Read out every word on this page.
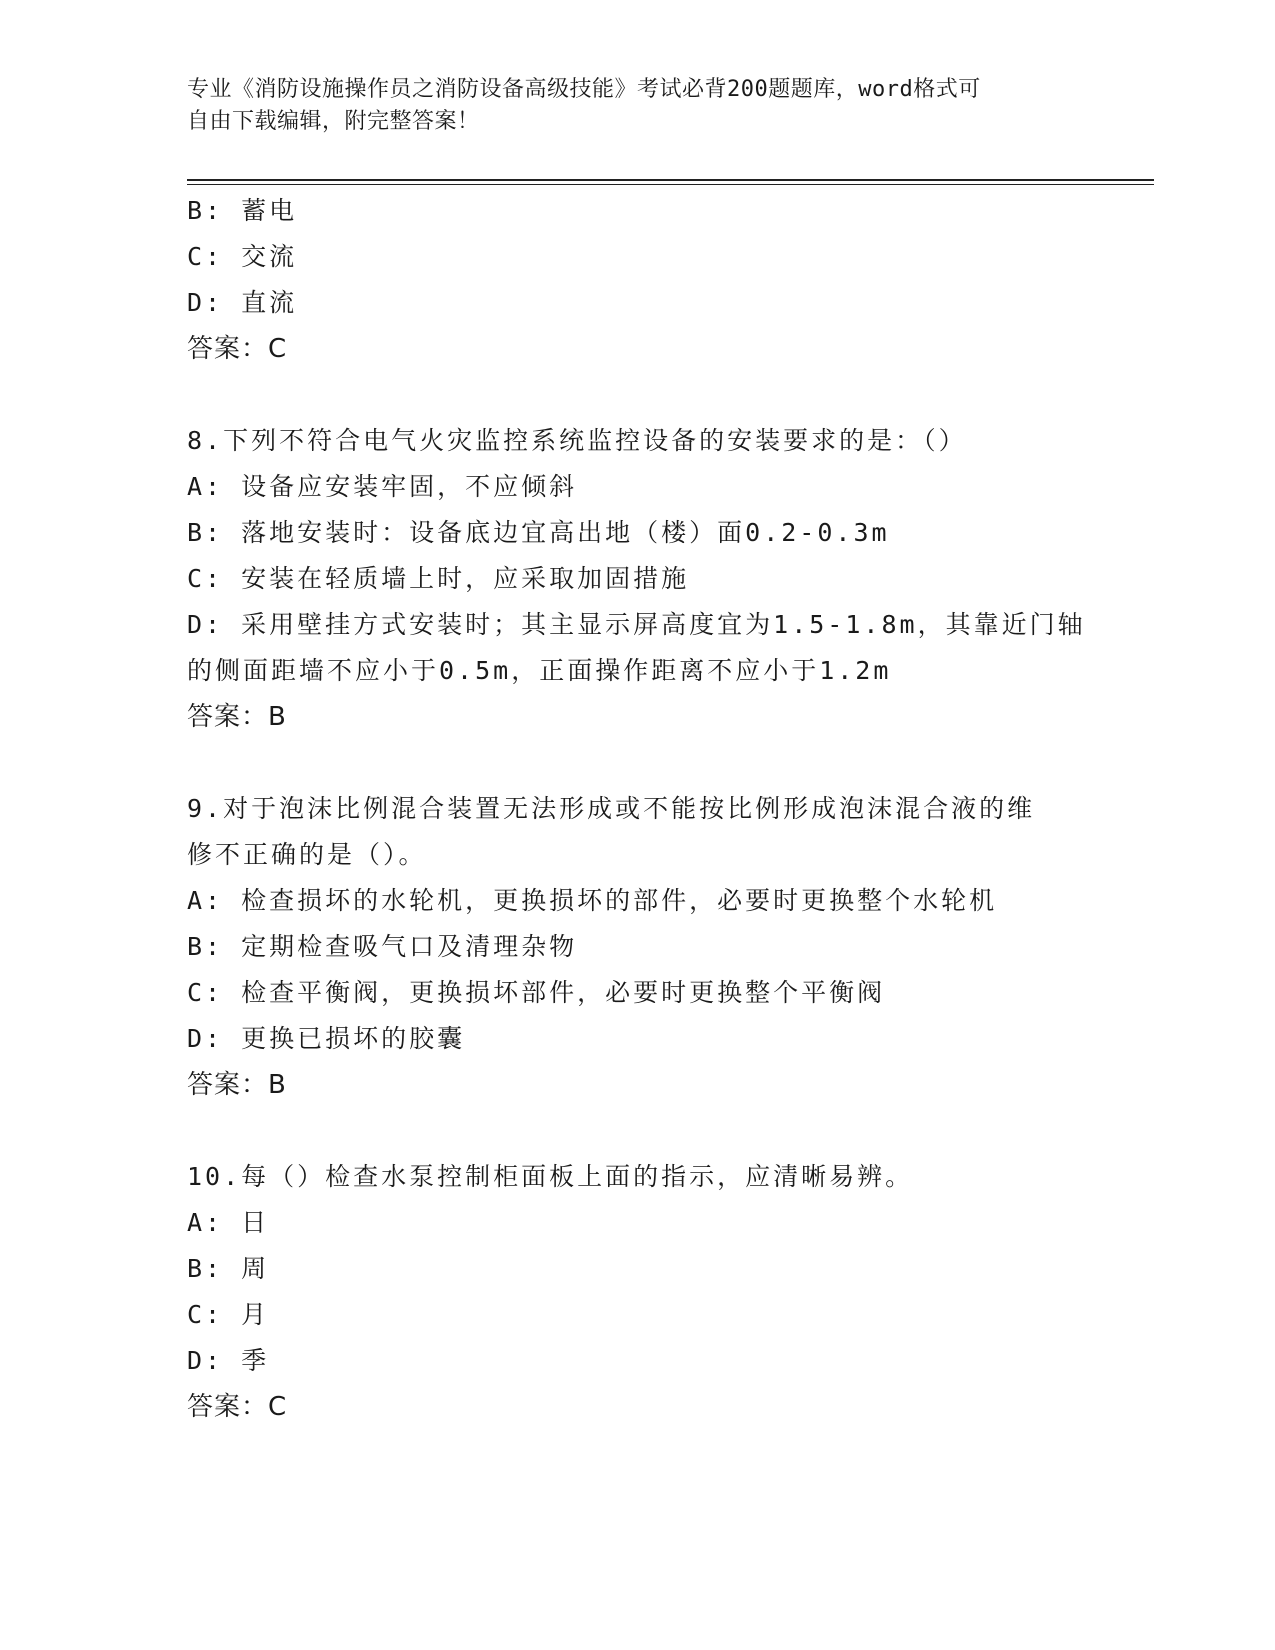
专业《消防设施操作员之消防设备高级技能》考试必背200题题库，word格式可
自由下载编辑，附完整答案！
B: 蓄电
C: 交流
D: 直流
答案：C
8.下列不符合电气火灾监控系统监控设备的安装要求的是：（）
A: 设备应安装牢固，不应倾斜
B: 落地安装时：设备底边宜高出地（楼）面0.2-0.3m
C: 安装在轻质墙上时，应采取加固措施
D: 采用壁挂方式安装时；其主显示屏高度宜为1.5-1.8m，其靠近门轴
的侧面距墙不应小于0.5m，正面操作距离不应小于1.2m
答案：B
9.对于泡沫比例混合装置无法形成或不能按比例形成泡沫混合液的维
修不正确的是（）。
A: 检查损坏的水轮机，更换损坏的部件，必要时更换整个水轮机
B: 定期检查吸气口及清理杂物
C: 检查平衡阀，更换损坏部件，必要时更换整个平衡阀
D: 更换已损坏的胶囊
答案：B
10.每（）检查水泵控制柜面板上面的指示，应清晰易辨。
A: 日
B: 周
C: 月
D: 季
答案：C
